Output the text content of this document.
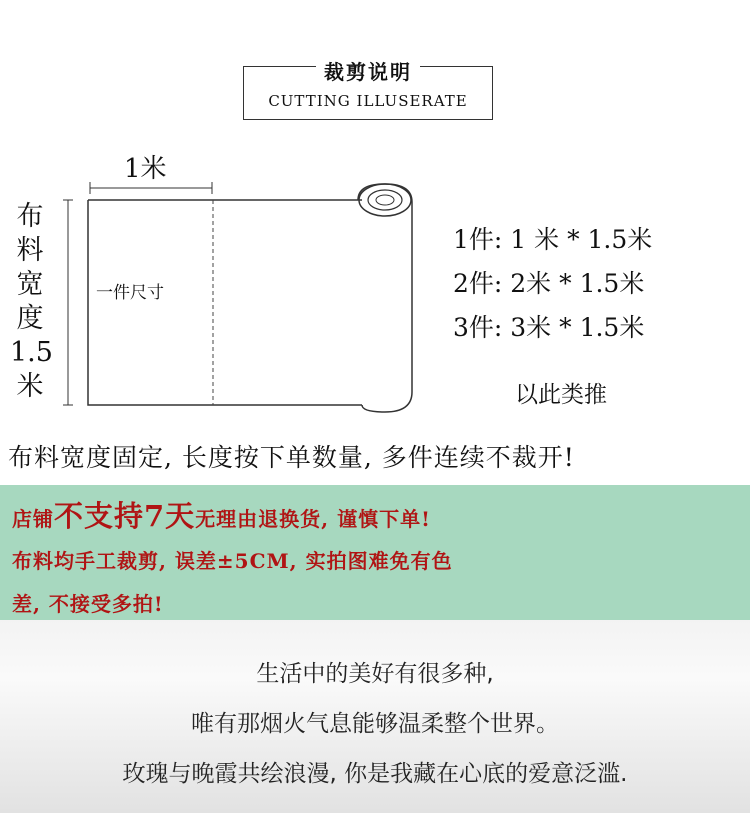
裁剪说明
CUTTING ILLUSERATE
1米
布料宽度1.5米
一件尺寸
1件: 1 米 * 1.5米
2件: 2米 * 1.5米
3件: 3米 * 1.5米
以此类推
布料宽度固定, 长度按下单数量, 多件连续不裁开!
店铺不支持7天无理由退换货, 谨慎下单!
布料均手工裁剪, 误差±5CM, 实拍图难免有色
差, 不接受多拍!
生活中的美好有很多种,
唯有那烟火气息能够温柔整个世界。
玫瑰与晚霞共绘浪漫, 你是我藏在心底的爱意泛滥.
